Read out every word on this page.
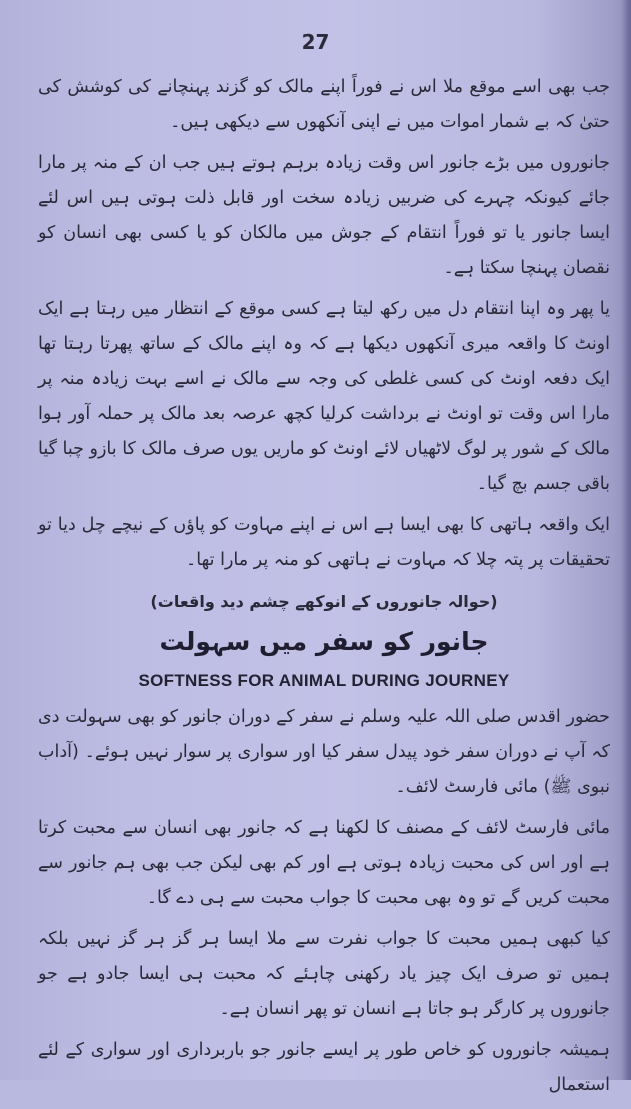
27

جب بھی اسے موقع ملا اس نے فوراً اپنے مالک کو گزند پہنچانے کی کوشش کی حتیٰ کہ بے شمار اموات میں نے اپنی آنکھوں سے دیکھی ہیں۔

جانوروں میں بڑے جانور اس وقت زیادہ برہم ہوتے ہیں جب ان کے منہ پر مارا جائے کیونکہ چہرے کی ضربیں زیادہ سخت اور قابل ذلت ہوتی ہیں اس لئے ایسا جانور یا تو فوراً انتقام کے جوش میں مالکان کو یا کسی بھی انسان کو نقصان پہنچا سکتا ہے۔

یا پھر وہ اپنا انتقام دل میں رکھ لیتا ہے کسی موقع کے انتظار میں رہتا ہے ایک اونٹ کا واقعہ میری آنکھوں دیکھا ہے کہ وہ اپنے مالک کے ساتھ پھرتا رہتا تھا ایک دفعہ اونٹ کی کسی غلطی کی وجہ سے مالک نے اسے بہت زیادہ منہ پر مارا اس وقت تو اونٹ نے برداشت کرلیا کچھ عرصہ بعد مالک پر حملہ آور ہوا مالک کے شور پر لوگ لاٹھیاں لائے اونٹ کو ماریں یوں صرف مالک کا بازو چبا گیا باقی جسم بچ گیا۔

ایک واقعہ ہاتھی کا بھی ایسا ہے اس نے اپنے مہاوت کو پاؤں کے نیچے چل دیا تو تحقیقات پر پتہ چلا کہ مہاوت نے ہاتھی کو منہ پر مارا تھا۔

(حوالہ جانوروں کے انوکھے چشم دید واقعات)
جانور کو سفر میں سہولت
SOFTNESS FOR ANIMAL DURING JOURNEY

حضور اقدس صلی اللہ علیہ وسلم نے سفر کے دوران جانور کو بھی سہولت دی کہ آپ نے دوران سفر خود پیدل سفر کیا اور سواری پر سوار نہیں ہوئے۔ (آداب نبوی ﷺ) مائی فارسٹ لائف۔

مائی فارسٹ لائف کے مصنف کا لکھنا ہے کہ جانور بھی انسان سے محبت کرتا ہے اور اس کی محبت زیادہ ہوتی ہے اور کم بھی لیکن جب بھی ہم جانور سے محبت کریں گے تو وہ بھی محبت کا جواب محبت سے ہی دے گا۔

کیا کبھی ہمیں محبت کا جواب نفرت سے ملا ایسا ہر گز ہر گز نہیں بلکہ ہمیں تو صرف ایک چیز یاد رکھنی چاہئے کہ محبت ہی ایسا جادو ہے جو جانوروں پر کارگر ہو جاتا ہے انسان تو پھر انسان ہے۔

ہمیشہ جانوروں کو خاص طور پر ایسے جانور جو باربرداری اور سواری کے لئے استعمال
